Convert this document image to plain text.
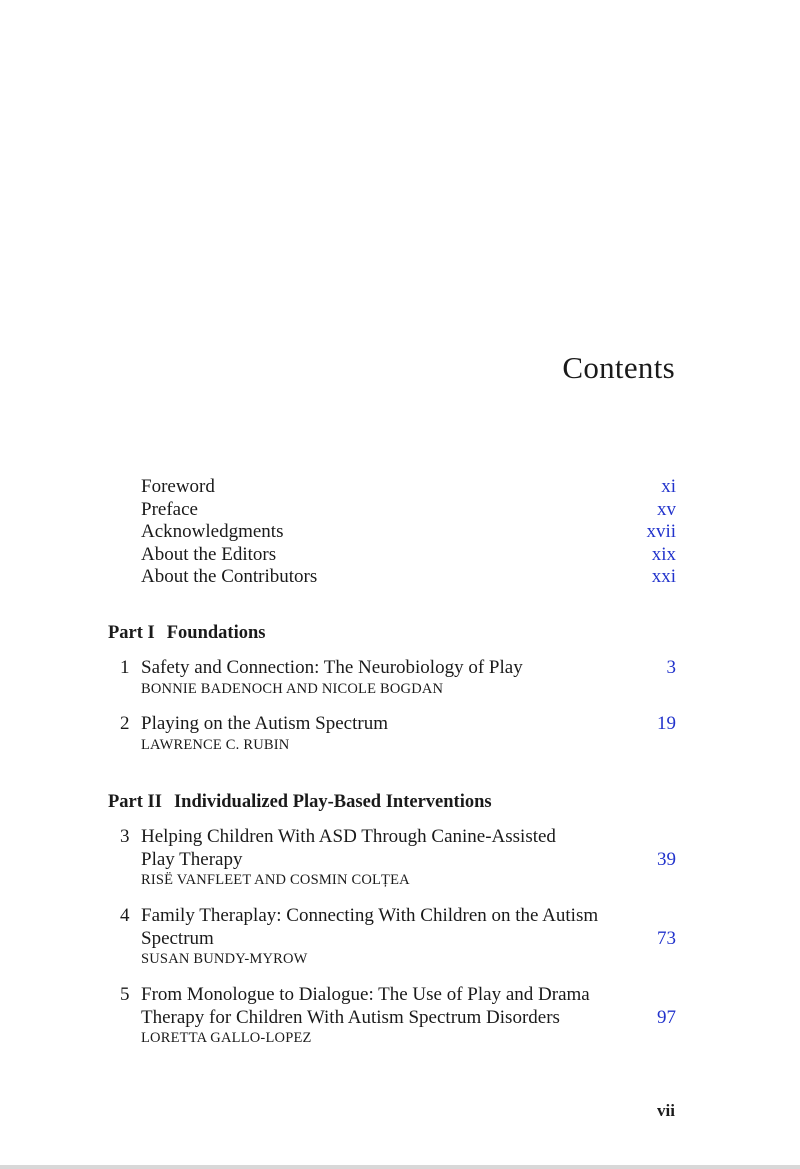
Contents
Foreword	xi
Preface	xv
Acknowledgments	xvii
About the Editors	xix
About the Contributors	xxi
Part I Foundations
1 Safety and Connection: The Neurobiology of Play	3
BONNIE BADENOCH AND NICOLE BOGDAN
2 Playing on the Autism Spectrum	19
LAWRENCE C. RUBIN
Part II Individualized Play-Based Interventions
3 Helping Children With ASD Through Canine-Assisted
Play Therapy	39
RISË VANFLEET AND COSMIN COLȚEA
4 Family Theraplay: Connecting With Children on the Autism
Spectrum	73
SUSAN BUNDY-MYROW
5 From Monologue to Dialogue: The Use of Play and Drama
Therapy for Children With Autism Spectrum Disorders	97
LORETTA GALLO-LOPEZ
vii
